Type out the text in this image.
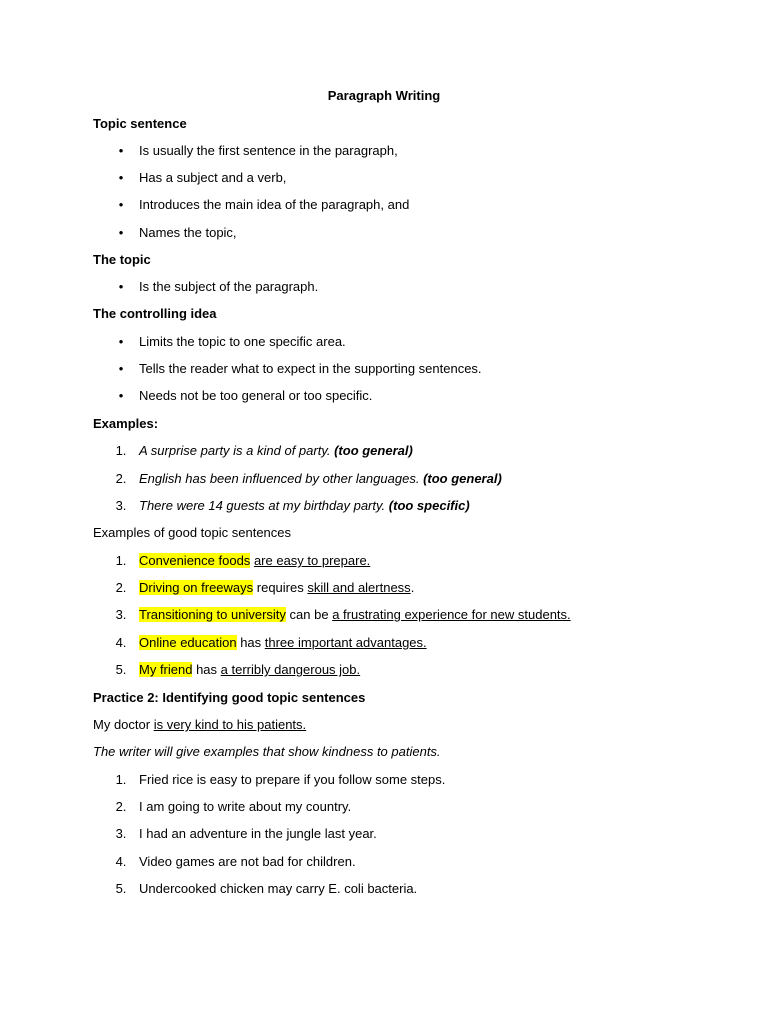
Paragraph Writing
Topic sentence
•	Is usually the first sentence in the paragraph,
•	Has a subject and a verb,
•	Introduces the main idea of the paragraph, and
•	Names the topic,
The topic
•	Is the subject of the paragraph.
The controlling idea
•	Limits the topic to one specific area.
•	Tells the reader what to expect in the supporting sentences.
•	Needs not be too general or too specific.
Examples:
1. A surprise party is a kind of party. (too general)
2. English has been influenced by other languages. (too general)
3. There were 14 guests at my birthday party. (too specific)
Examples of good topic sentences
1. Convenience foods are easy to prepare.
2. Driving on freeways requires skill and alertness.
3. Transitioning to university can be a frustrating experience for new students.
4. Online education has three important advantages.
5. My friend has a terribly dangerous job.
Practice 2: Identifying good topic sentences
My doctor is very kind to his patients.
The writer will give examples that show kindness to patients.
1. Fried rice is easy to prepare if you follow some steps.
2. I am going to write about my country.
3. I had an adventure in the jungle last year.
4. Video games are not bad for children.
5. Undercooked chicken may carry E. coli bacteria.
